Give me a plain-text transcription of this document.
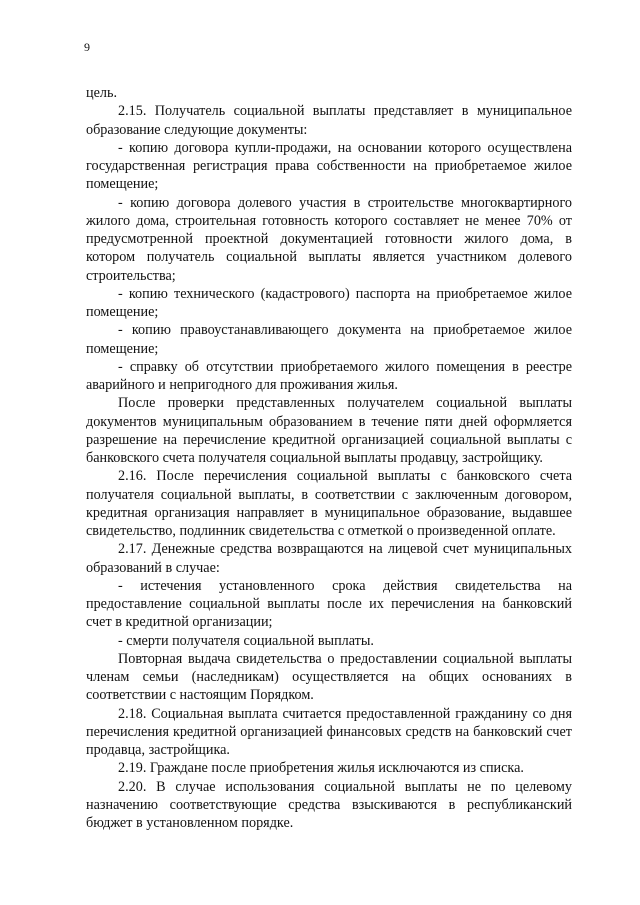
9

цель.

2.15. Получатель социальной выплаты представляет в муниципальное образование следующие документы:

- копию договора купли-продажи, на основании которого осуществлена государственная регистрация права собственности на приобретаемое жилое помещение;

- копию договора долевого участия в строительстве многоквартирного жилого дома, строительная готовность которого составляет не менее 70% от предусмотренной проектной документацией готовности жилого дома, в котором получатель социальной выплаты является участником долевого строительства;

- копию технического (кадастрового) паспорта на приобретаемое жилое помещение;

- копию правоустанавливающего документа на приобретаемое жилое помещение;

- справку об отсутствии приобретаемого жилого помещения в реестре аварийного и непригодного для проживания жилья.

После проверки представленных получателем социальной выплаты документов муниципальным образованием в течение пяти дней оформляется разрешение на перечисление кредитной организацией социальной выплаты с банковского счета получателя социальной выплаты продавцу, застройщику.

2.16. После перечисления социальной выплаты с банковского счета получателя социальной выплаты, в соответствии с заключенным договором, кредитная организация направляет в муниципальное образование, выдавшее свидетельство, подлинник свидетельства с отметкой о произведенной оплате.

2.17. Денежные средства возвращаются на лицевой счет муниципальных образований в случае:

- истечения установленного срока действия свидетельства на предоставление социальной выплаты после их перечисления на банковский счет в кредитной организации;

- смерти получателя социальной выплаты.

Повторная выдача свидетельства о предоставлении социальной выплаты членам семьи (наследникам) осуществляется на общих основаниях в соответствии с настоящим Порядком.

2.18. Социальная выплата считается предоставленной гражданину со дня перечисления кредитной организацией финансовых средств на банковский счет продавца, застройщика.

2.19. Граждане после приобретения жилья исключаются из списка.

2.20. В случае использования социальной выплаты не по целевому назначению соответствующие средства взыскиваются в республиканский бюджет в установленном порядке.
